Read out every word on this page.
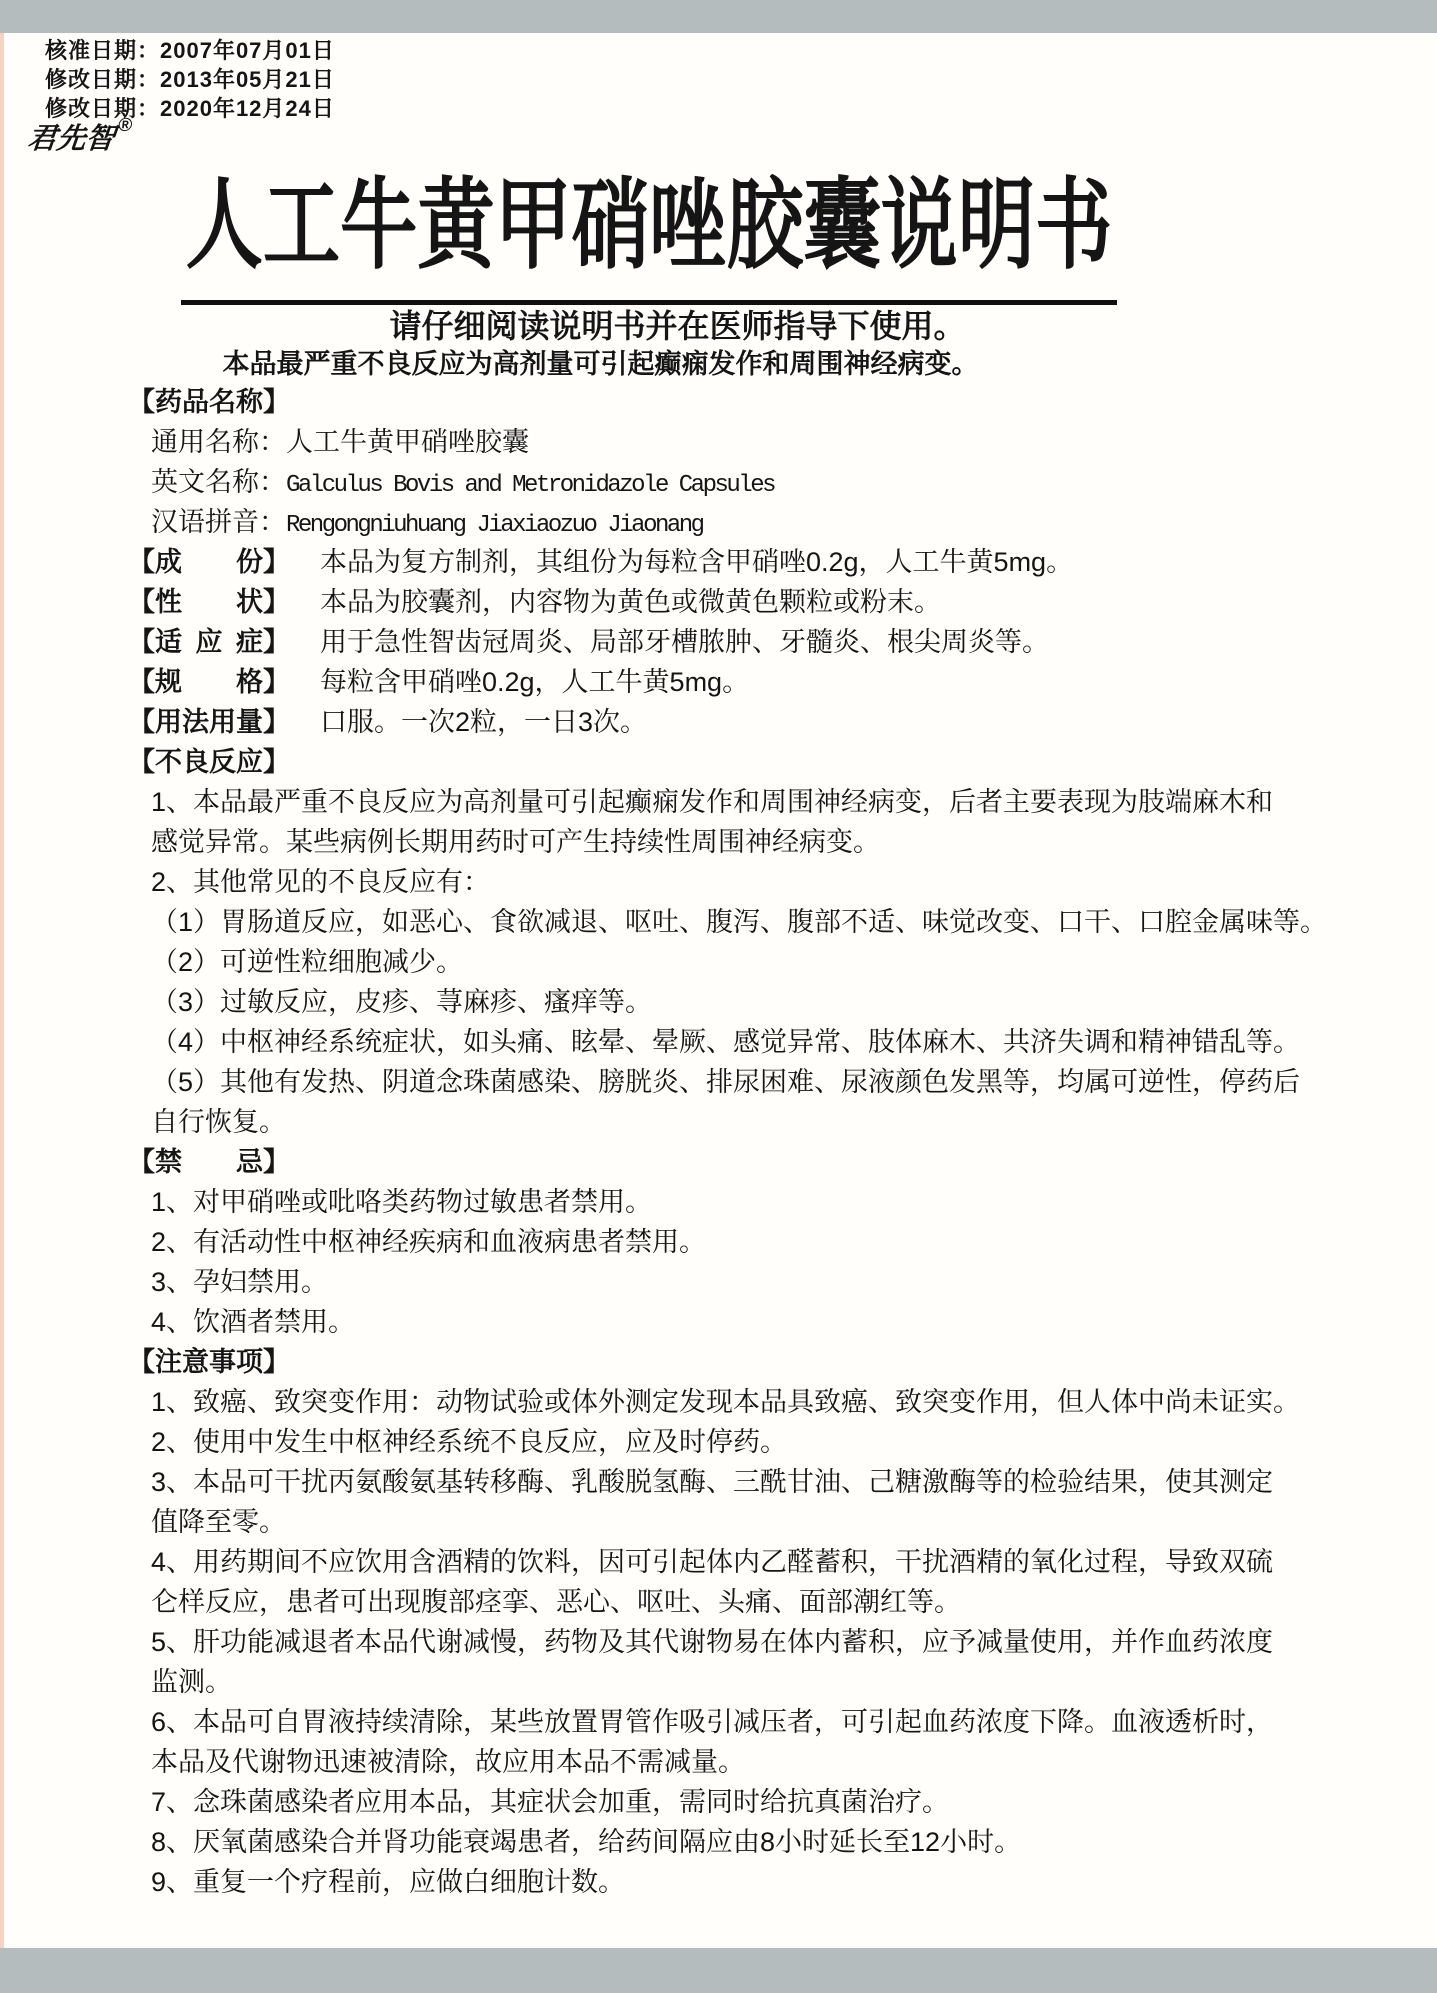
核准日期：2007年07月01日
修改日期：2013年05月21日
修改日期：2020年12月24日
君先智®
人工牛黄甲硝唑胶囊说明书
请仔细阅读说明书并在医师指导下使用。
本品最严重不良反应为高剂量可引起癫痫发作和周围神经病变。
【药品名称】
通用名称：人工牛黄甲硝唑胶囊
英文名称：Galculus Bovis and Metronidazole Capsules
汉语拼音：Rengongniuhuang Jiaxiaozuo Jiaonang
【成　　份】 本品为复方制剂，其组份为每粒含甲硝唑0.2g，人工牛黄5mg。
【性　　状】 本品为胶囊剂，内容物为黄色或微黄色颗粒或粉末。
【适 应 症】 用于急性智齿冠周炎、局部牙槽脓肿、牙髓炎、根尖周炎等。
【规　　格】 每粒含甲硝唑0.2g，人工牛黄5mg。
【用法用量】 口服。一次2粒，一日3次。
【不良反应】
1、本品最严重不良反应为高剂量可引起癫痫发作和周围神经病变，后者主要表现为肢端麻木和
感觉异常。某些病例长期用药时可产生持续性周围神经病变。
2、其他常见的不良反应有：
（1）胃肠道反应，如恶心、食欲减退、呕吐、腹泻、腹部不适、味觉改变、口干、口腔金属味等。
（2）可逆性粒细胞减少。
（3）过敏反应，皮疹、荨麻疹、瘙痒等。
（4）中枢神经系统症状，如头痛、眩晕、晕厥、感觉异常、肢体麻木、共济失调和精神错乱等。
（5）其他有发热、阴道念珠菌感染、膀胱炎、排尿困难、尿液颜色发黑等，均属可逆性，停药后
自行恢复。
【禁　　忌】
1、对甲硝唑或吡咯类药物过敏患者禁用。
2、有活动性中枢神经疾病和血液病患者禁用。
3、孕妇禁用。
4、饮酒者禁用。
【注意事项】
1、致癌、致突变作用：动物试验或体外测定发现本品具致癌、致突变作用，但人体中尚未证实。
2、使用中发生中枢神经系统不良反应，应及时停药。
3、本品可干扰丙氨酸氨基转移酶、乳酸脱氢酶、三酰甘油、己糖激酶等的检验结果，使其测定
值降至零。
4、用药期间不应饮用含酒精的饮料，因可引起体内乙醛蓄积，干扰酒精的氧化过程，导致双硫
仑样反应，患者可出现腹部痉挛、恶心、呕吐、头痛、面部潮红等。
5、肝功能减退者本品代谢减慢，药物及其代谢物易在体内蓄积，应予减量使用，并作血药浓度
监测。
6、本品可自胃液持续清除，某些放置胃管作吸引减压者，可引起血药浓度下降。血液透析时，
本品及代谢物迅速被清除，故应用本品不需减量。
7、念珠菌感染者应用本品，其症状会加重，需同时给抗真菌治疗。
8、厌氧菌感染合并肾功能衰竭患者，给药间隔应由8小时延长至12小时。
9、重复一个疗程前，应做白细胞计数。
